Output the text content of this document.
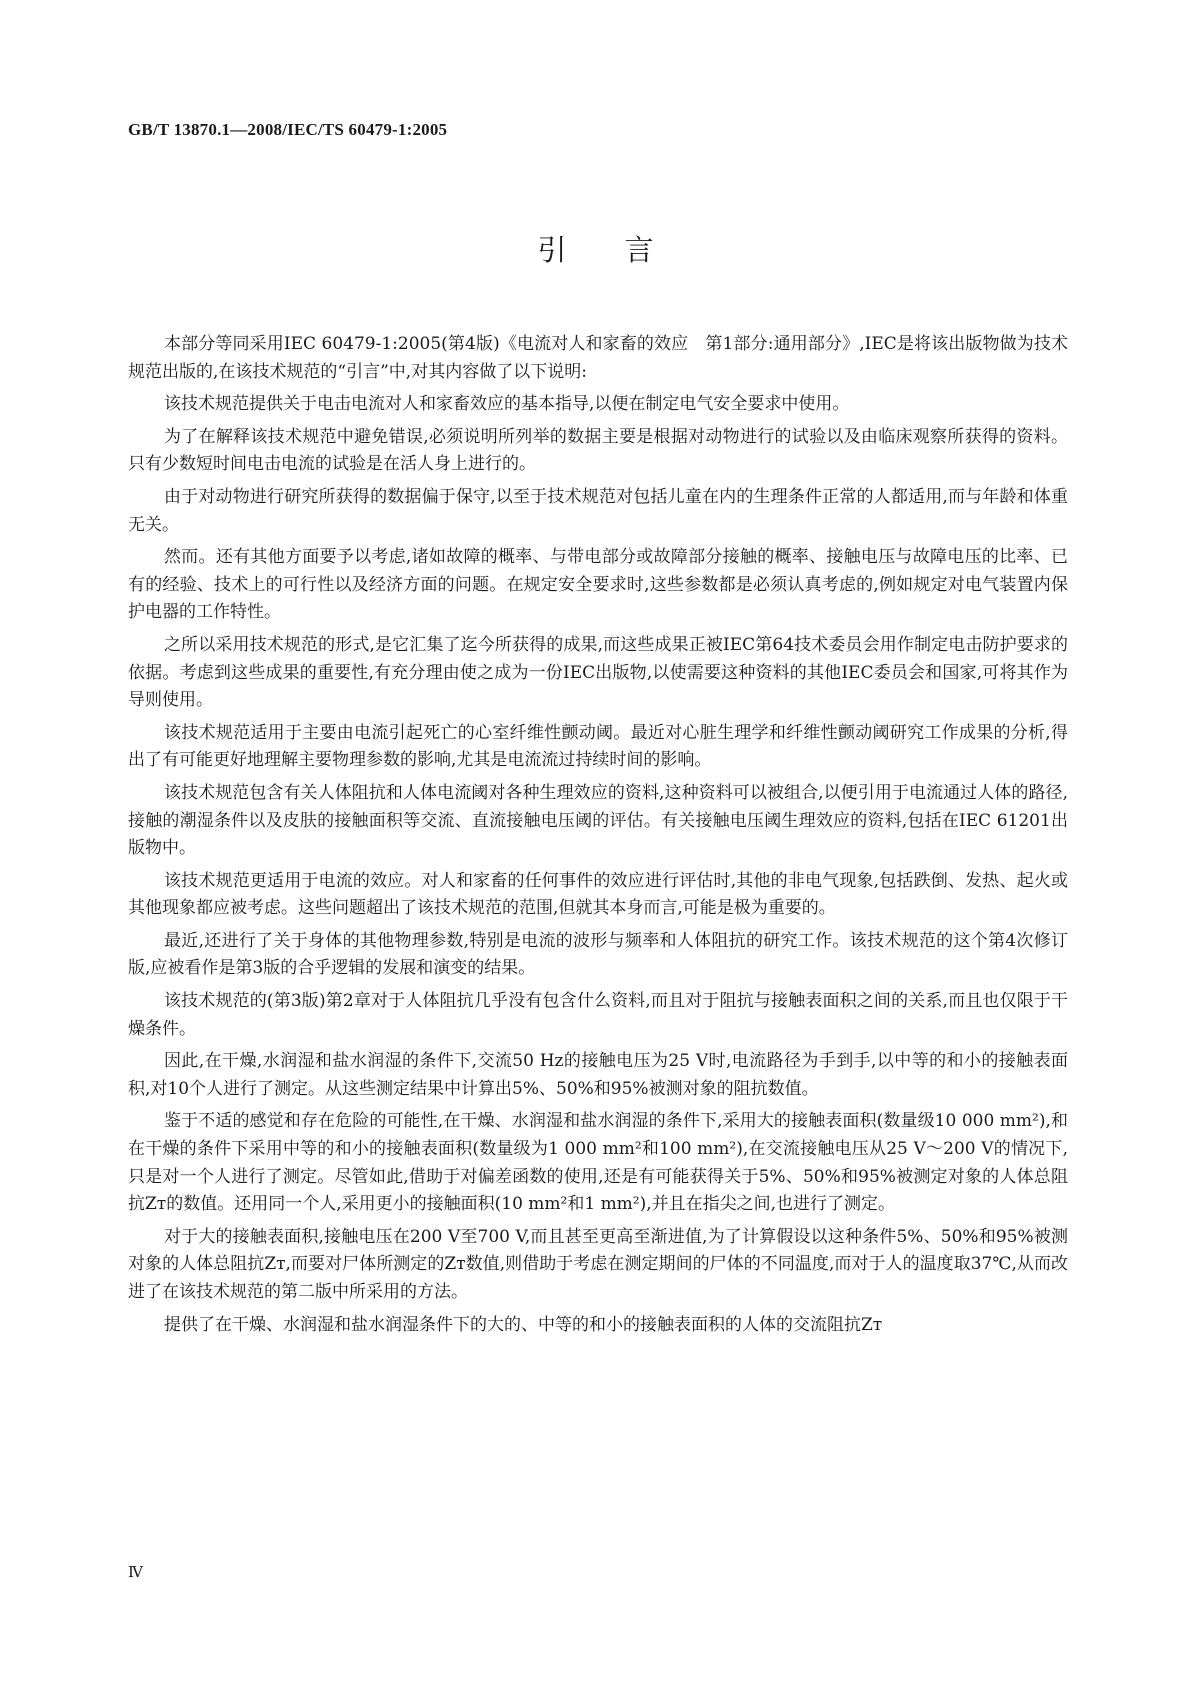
GB/T 13870.1—2008/IEC/TS 60479-1:2005
引言

本部分等同采用IEC 60479-1:2005(第4版)《电流对人和家畜的效应　第1部分:通用部分》,IEC是将该出版物做为技术规范出版的,在该技术规范的“引言”中,对其内容做了以下说明:

该技术规范提供关于电击电流对人和家畜效应的基本指导,以便在制定电气安全要求中使用。

为了在解释该技术规范中避免错误,必须说明所列举的数据主要是根据对动物进行的试验以及由临床观察所获得的资料。只有少数短时间电击电流的试验是在活人身上进行的。

由于对动物进行研究所获得的数据偏于保守,以至于技术规范对包括儿童在内的生理条件正常的人都适用,而与年龄和体重无关。

然而。还有其他方面要予以考虑,诸如故障的概率、与带电部分或故障部分接触的概率、接触电压与故障电压的比率、已有的经验、技术上的可行性以及经济方面的问题。在规定安全要求时,这些参数都是必须认真考虑的,例如规定对电气装置内保护电器的工作特性。

之所以采用技术规范的形式,是它汇集了迄今所获得的成果,而这些成果正被IEC第64技术委员会用作制定电击防护要求的依据。考虑到这些成果的重要性,有充分理由使之成为一份IEC出版物,以使需要这种资料的其他IEC委员会和国家,可将其作为导则使用。

该技术规范适用于主要由电流引起死亡的心室纤维性颤动阈。最近对心脏生理学和纤维性颤动阈研究工作成果的分析,得出了有可能更好地理解主要物理参数的影响,尤其是电流流过持续时间的影响。

该技术规范包含有关人体阻抗和人体电流阈对各种生理效应的资料,这种资料可以被组合,以便引用于电流通过人体的路径,接触的潮湿条件以及皮肤的接触面积等交流、直流接触电压阈的评估。有关接触电压阈生理效应的资料,包括在IEC 61201出版物中。

该技术规范更适用于电流的效应。对人和家畜的任何事件的效应进行评估时,其他的非电气现象,包括跌倒、发热、起火或其他现象都应被考虑。这些问题超出了该技术规范的范围,但就其本身而言,可能是极为重要的。

最近,还进行了关于身体的其他物理参数,特别是电流的波形与频率和人体阻抗的研究工作。该技术规范的这个第4次修订版,应被看作是第3版的合乎逻辑的发展和演变的结果。

该技术规范的(第3版)第2章对于人体阻抗几乎没有包含什么资料,而且对于阻抗与接触表面积之间的关系,而且也仅限于干燥条件。

因此,在干燥,水润湿和盐水润湿的条件下,交流50 Hz的接触电压为25 V时,电流路径为手到手,以中等的和小的接触表面积,对10个人进行了测定。从这些测定结果中计算出5%、50%和95%被测对象的阻抗数值。

鉴于不适的感觉和存在危险的可能性,在干燥、水润湿和盐水润湿的条件下,采用大的接触表面积(数量级10 000 mm²),和在干燥的条件下采用中等的和小的接触表面积(数量级为1 000 mm²和100 mm²),在交流接触电压从25 V～200 V的情况下,只是对一个人进行了测定。尽管如此,借助于对偏差函数的使用,还是有可能获得关于5%、50%和95%被测定对象的人体总阻抗Zт的数值。还用同一个人,采用更小的接触面积(10 mm²和1 mm²),并且在指尖之间,也进行了测定。

对于大的接触表面积,接触电压在200 V至700 V,而且甚至更高至渐进值,为了计算假设以这种条件5%、50%和95%被测对象的人体总阻抗Zт,而要对尸体所测定的Zт数值,则借助于考虑在测定期间的尸体的不同温度,而对于人的温度取37℃,从而改进了在该技术规范的第二版中所采用的方法。

提供了在干燥、水润湿和盐水润湿条件下的大的、中等的和小的接触表面积的人体的交流阻抗Zт

Ⅳ
